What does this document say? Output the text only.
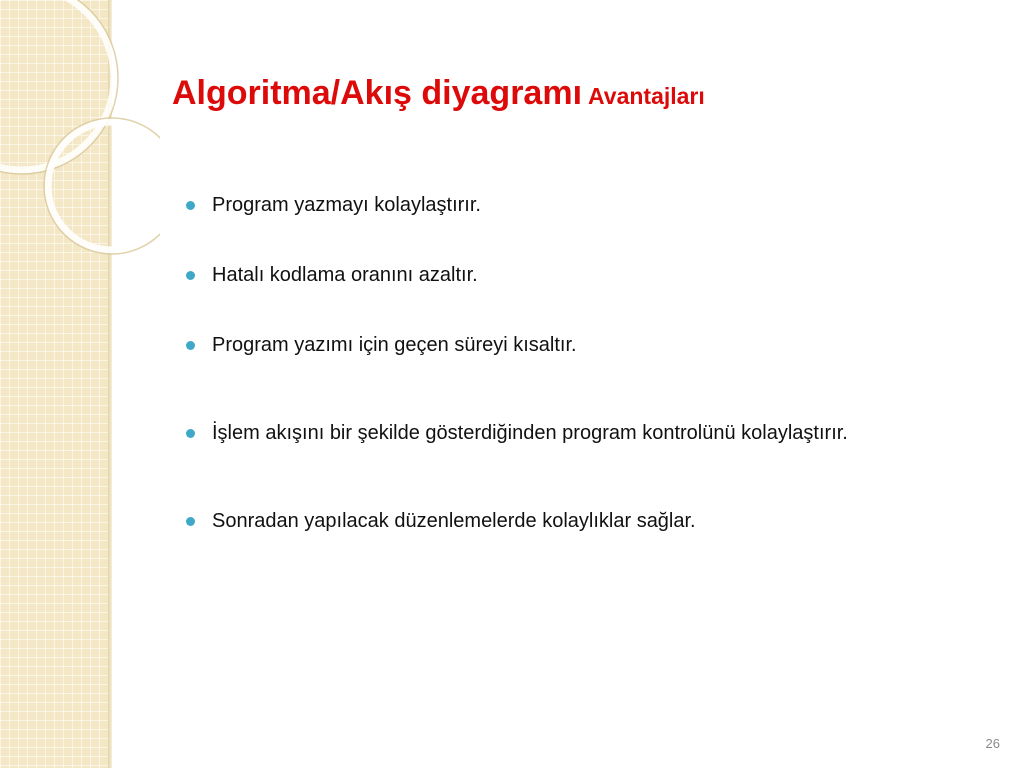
Algoritma/Akış diyagramı Avantajları
Program yazmayı kolaylaştırır.
Hatalı kodlama oranını azaltır.
Program yazımı için geçen süreyi kısaltır.
İşlem akışını bir şekilde gösterdiğinden program kontrolünü kolaylaştırır.
Sonradan yapılacak düzenlemelerde kolaylıklar sağlar.
26
